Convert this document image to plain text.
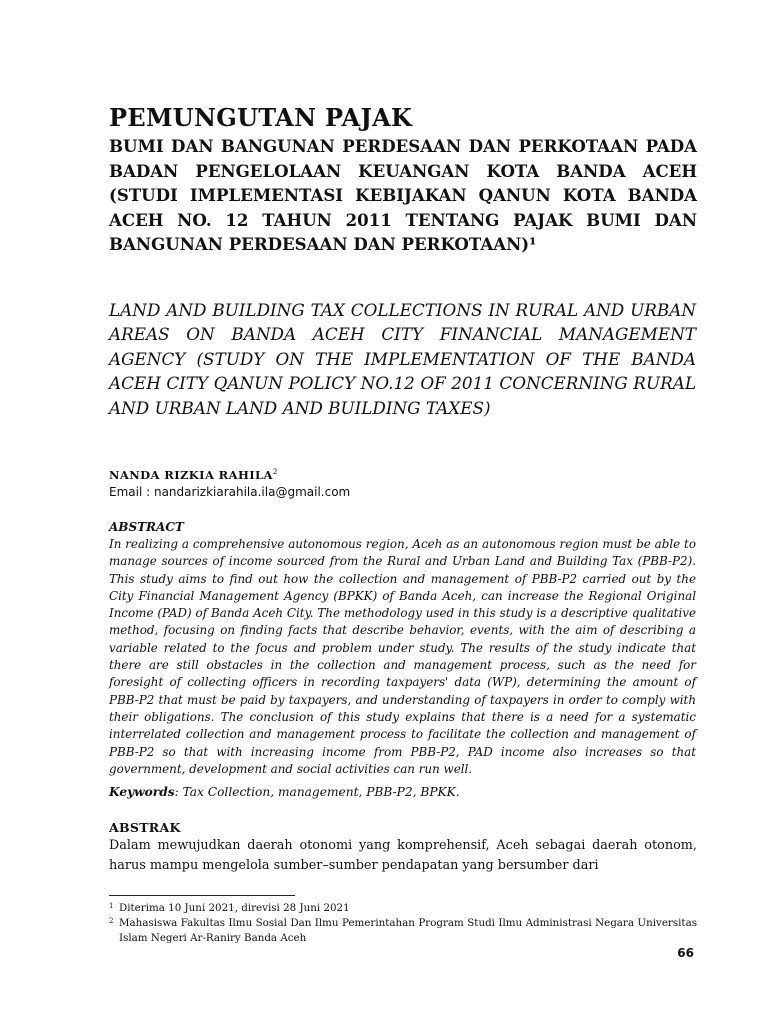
PEMUNGUTAN PAJAK
BUMI DAN BANGUNAN PERDESAAN DAN PERKOTAAN PADA BADAN PENGELOLAAN KEUANGAN KOTA BANDA ACEH (STUDI IMPLEMENTASI KEBIJAKAN QANUN KOTA BANDA ACEH NO. 12 TAHUN 2011 TENTANG PAJAK BUMI DAN BANGUNAN PERDESAAN DAN PERKOTAAN)¹
LAND AND BUILDING TAX COLLECTIONS IN RURAL AND URBAN AREAS ON BANDA ACEH CITY FINANCIAL MANAGEMENT AGENCY (STUDY ON THE IMPLEMENTATION OF THE BANDA ACEH CITY QANUN POLICY NO.12 OF 2011 CONCERNING RURAL AND URBAN LAND AND BUILDING TAXES)
NANDA RIZKIA RAHILA$^2$
Email : nandarizkiarahila.ila@gmail.com
ABSTRACT
In realizing a comprehensive autonomous region, Aceh as an autonomous region must be able to manage sources of income sourced from the Rural and Urban Land and Building Tax (PBB-P2). This study aims to find out how the collection and management of PBB-P2 carried out by the City Financial Management Agency (BPKK) of Banda Aceh, can increase the Regional Original Income (PAD) of Banda Aceh City. The methodology used in this study is a descriptive qualitative method, focusing on finding facts that describe behavior, events, with the aim of describing a variable related to the focus and problem under study. The results of the study indicate that there are still obstacles in the collection and management process, such as the need for foresight of collecting officers in recording taxpayers' data (WP), determining the amount of PBB-P2 that must be paid by taxpayers, and understanding of taxpayers in order to comply with their obligations. The conclusion of this study explains that there is a need for a systematic interrelated collection and management process to facilitate the collection and management of PBB-P2 so that with increasing income from PBB-P2, PAD income also increases so that government, development and social activities can run well.
Keywords: Tax Collection, management, PBB-P2, BPKK.
ABSTRAK
Dalam mewujudkan daerah otonomi yang komprehensif, Aceh sebagai daerah otonom, harus mampu mengelola sumber–sumber pendapatan yang bersumber dari
1 Diterima 10 Juni 2021, direvisi 28 Juni 2021
2 Mahasiswa Fakultas Ilmu Sosial Dan Ilmu Pemerintahan Program Studi Ilmu Administrasi Negara Universitas Islam Negeri Ar-Raniry Banda Aceh
66
